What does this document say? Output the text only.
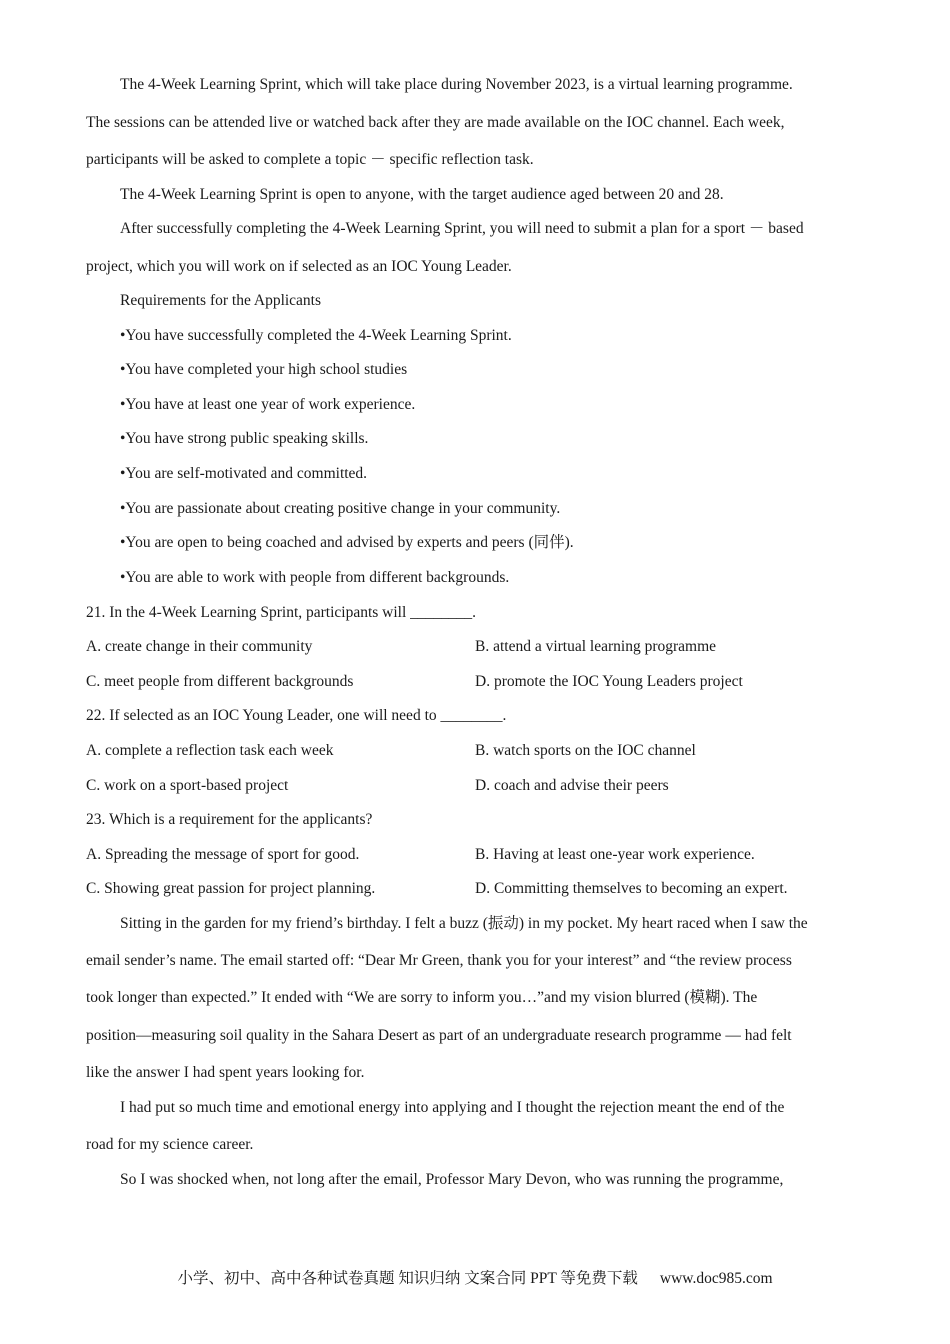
The 4-Week Learning Sprint, which will take place during November 2023, is a virtual learning programme.
The sessions can be attended live or watched back after they are made available on the IOC channel. Each week,
participants will be asked to complete a topic － specific reflection task.
The 4-Week Learning Sprint is open to anyone, with the target audience aged between 20 and 28.
After successfully completing the 4-Week Learning Sprint, you will need to submit a plan for a sport － based
project, which you will work on if selected as an IOC Young Leader.
Requirements for the Applicants
•You have successfully completed the 4-Week Learning Sprint.
•You have completed your high school studies
•You have at least one year of work experience.
•You have strong public speaking skills.
•You are self-motivated and committed.
•You are passionate about creating positive change in your community.
•You are open to being coached and advised by experts and peers (同伴).
•You are able to work with people from different backgrounds.
21. In the 4-Week Learning Sprint, participants will ________.
A. create change in their community	B. attend a virtual learning programme
C. meet people from different backgrounds	D. promote the IOC Young Leaders project
22. If selected as an IOC Young Leader, one will need to ________.
A. complete a reflection task each week	B. watch sports on the IOC channel
C. work on a sport-based project	D. coach and advise their peers
23. Which is a requirement for the applicants?
A. Spreading the message of sport for good.	B. Having at least one-year work experience.
C. Showing great passion for project planning.	D. Committing themselves to becoming an expert.
Sitting in the garden for my friend’s birthday. I felt a buzz (振动) in my pocket. My heart raced when I saw the
email sender’s name. The email started off: “Dear Mr Green, thank you for your interest” and “the review process
took longer than expected.” It ended with “We are sorry to inform you…”and my vision blurred (模糊). The
position—measuring soil quality in the Sahara Desert as part of an undergraduate research programme — had felt
like the answer I had spent years looking for.
I had put so much time and emotional energy into applying and I thought the rejection meant the end of the
road for my science career.
So I was shocked when, not long after the email, Professor Mary Devon, who was running the programme,
小学、初中、高中各种试卷真题 知识归纳 文案合同 PPT 等免费下载 www.doc985.com
